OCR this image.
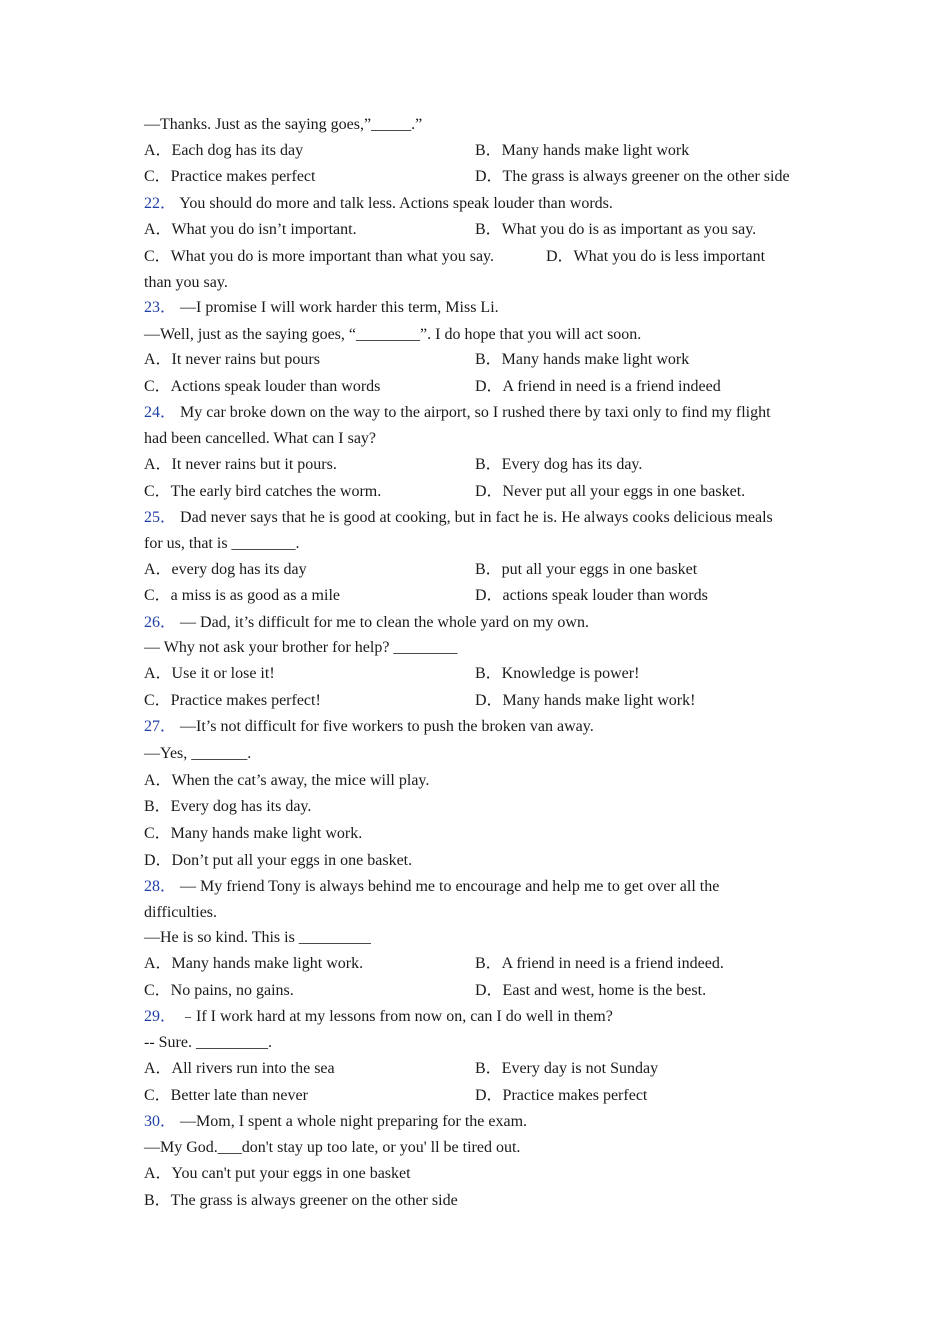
—Thanks. Just as the saying goes,”_____.”
A．Each dog has its day	B．Many hands make light work
C．Practice makes perfect	D．The grass is always greener on the other side
22． You should do more and talk less. Actions speak louder than words.
A．What you do isn’t important.	B．What you do is as important as you say.
C．What you do is more important than what you say.	D．What you do is less important
than you say.
23． —I promise I will work harder this term, Miss Li.
—Well, just as the saying goes, “________”. I do hope that you will act soon.
A．It never rains but pours	B．Many hands make light work
C．Actions speak louder than words	D．A friend in need is a friend indeed
24． My car broke down on the way to the airport, so I rushed there by taxi only to find my flight
had been cancelled. What can I say?
A．It never rains but it pours.	B．Every dog has its day.
C．The early bird catches the worm.	D．Never put all your eggs in one basket.
25． Dad never says that he is good at cooking, but in fact he is. He always cooks delicious meals
for us, that is ________.
A．every dog has its day	B．put all your eggs in one basket
C．a miss is as good as a mile	D．actions speak louder than words
26． — Dad, it’s difficult for me to clean the whole yard on my own.
— Why not ask your brother for help? ________
A．Use it or lose it!	B．Knowledge is power!
C．Practice makes perfect!	D．Many hands make light work!
27． —It’s not difficult for five workers to push the broken van away.
—Yes, _______.
A．When the cat’s away, the mice will play.
B．Every dog has its day.
C．Many hands make light work.
D．Don’t put all your eggs in one basket.
28． — My friend Tony is always behind me to encourage and help me to get over all the
difficulties.
—He is so kind. This is _________
A．Many hands make light work.	B．A friend in need is a friend indeed.
C．No pains, no gains.	D．East and west, home is the best.
29． ﹣If I work hard at my lessons from now on, can I do well in them?
-- Sure. _________.
A．All rivers run into the sea	B．Every day is not Sunday
C．Better late than never	D．Practice makes perfect
30． —Mom, I spent a whole night preparing for the exam.
—My God.___don't stay up too late, or you' ll be tired out.
A．You can't put your eggs in one basket
B．The grass is always greener on the other side
